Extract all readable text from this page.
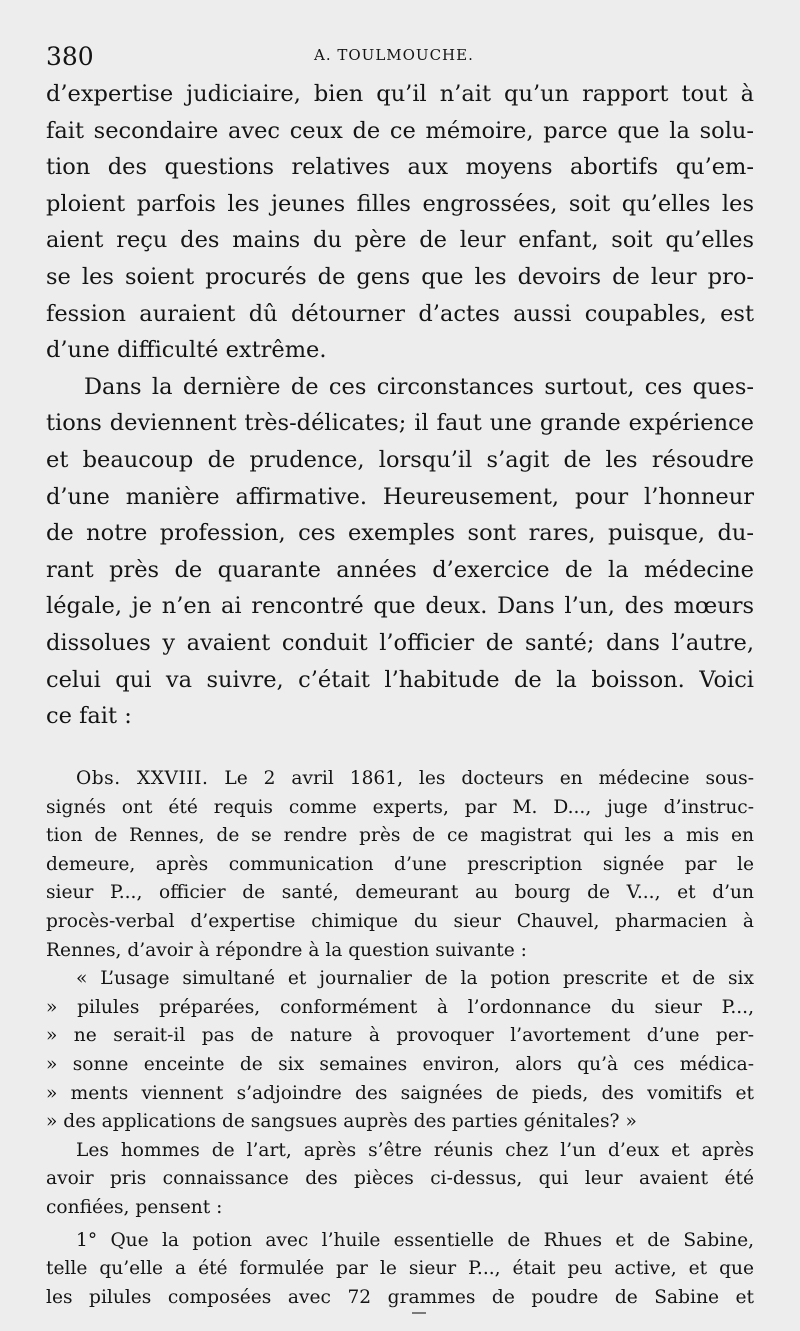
380	A. TOULMOUCHE.
d’expertise judiciaire, bien qu’il n’ait qu’un rapport tout à
fait secondaire avec ceux de ce mémoire, parce que la solu-
tion des questions relatives aux moyens abortifs qu’em-
ploient parfois les jeunes filles engrossées, soit qu’elles les
aient reçu des mains du père de leur enfant, soit qu’elles
se les soient procurés de gens que les devoirs de leur pro-
fession auraient dû détourner d’actes aussi coupables, est
d’une difficulté extrême.
Dans la dernière de ces circonstances surtout, ces ques-
tions deviennent très-délicates; il faut une grande expérience
et beaucoup de prudence, lorsqu’il s’agit de les résoudre
d’une manière affirmative. Heureusement, pour l’honneur
de notre profession, ces exemples sont rares, puisque, du-
rant près de quarante années d’exercice de la médecine
légale, je n’en ai rencontré que deux. Dans l’un, des mœurs
dissolues y avaient conduit l’officier de santé; dans l’autre,
celui qui va suivre, c’était l’habitude de la boisson. Voici
ce fait :
Obs. XXVIII. Le 2 avril 1861, les docteurs en médecine sous-
signés ont été requis comme experts, par M. D..., juge d’instruc-
tion de Rennes, de se rendre près de ce magistrat qui les a mis en
demeure, après communication d’une prescription signée par le
sieur P..., officier de santé, demeurant au bourg de V..., et d’un
procès-verbal d’expertise chimique du sieur Chauvel, pharmacien à
Rennes, d’avoir à répondre à la question suivante :
« L’usage simultané et journalier de la potion prescrite et de six
» pilules préparées, conformément à l’ordonnance du sieur P...,
» ne serait-il pas de nature à provoquer l’avortement d’une per-
» sonne enceinte de six semaines environ, alors qu’à ces médica-
» ments viennent s’adjoindre des saignées de pieds, des vomitifs et
» des applications de sangsues auprès des parties génitales? »
Les hommes de l’art, après s’être réunis chez l’un d’eux et après
avoir pris connaissance des pièces ci-dessus, qui leur avaient été
confiées, pensent :
1° Que la potion avec l’huile essentielle de Rhues et de Sabine,
telle qu’elle a été formulée par le sieur P..., était peu active, et que
les pilules composées avec 72 grammes de poudre de Sabine et
